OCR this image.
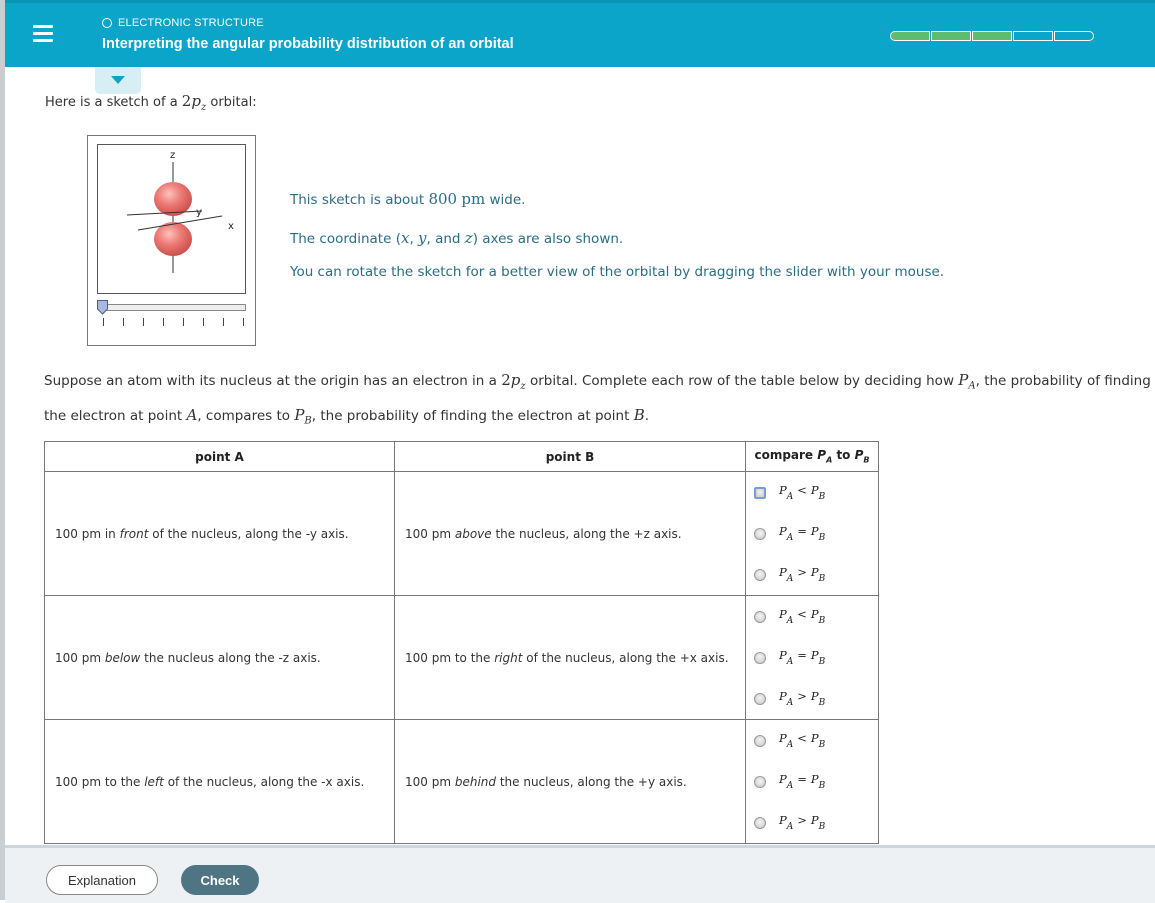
ELECTRONIC STRUCTURE
Interpreting the angular probability distribution of an orbital
Here is a sketch of a $2p_z$ orbital:
z
y
x
This sketch is about 800 pm wide.
The coordinate (x, y, and z) axes are also shown.
You can rotate the sketch for a better view of the orbital by dragging the slider with your mouse.
Suppose an atom with its nucleus at the origin has an electron in a $2p_z$ orbital. Complete each row of the table below by deciding how $P_A$, the probability of finding the electron at point A, compares to $P_B$, the probability of finding the electron at point B.
point A	point B	compare $P_A$ to $P_B$
100 pm in front of the nucleus, along the -y axis.	100 pm above the nucleus, along the +z axis.	$P_A < P_B$
$P_A = P_B$
$P_A > P_B$

100 pm below the nucleus along the -z axis.	100 pm to the right of the nucleus, along the +x axis.	$P_A < P_B$
$P_A = P_B$
$P_A > P_B$

100 pm to the left of the nucleus, along the -x axis.	100 pm behind the nucleus, along the +y axis.	$P_A < P_B$
$P_A = P_B$
$P_A > P_B$
Explanation	Check
